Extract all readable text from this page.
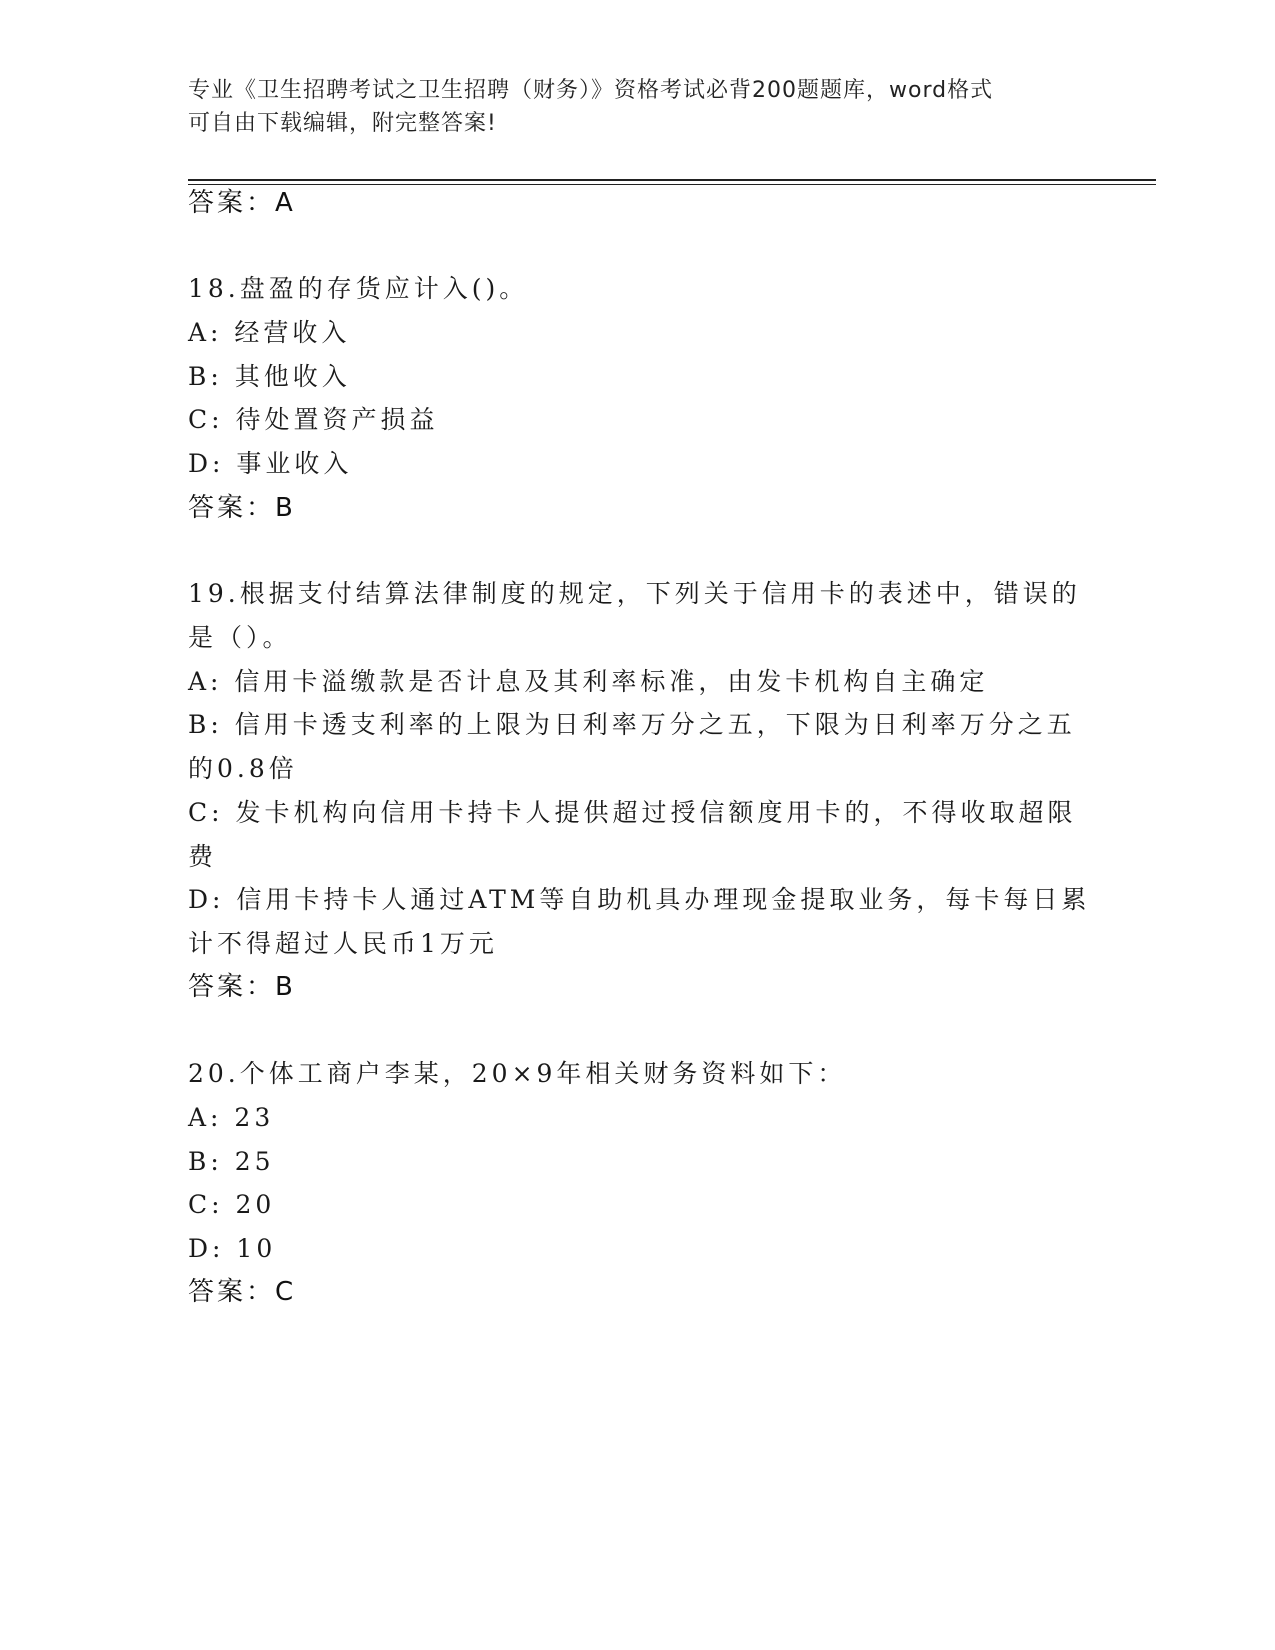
专业《卫生招聘考试之卫生招聘（财务）》资格考试必背200题题库，word格式
可自由下载编辑，附完整答案!
答案：A
18.盘盈的存货应计入()。
A: 经营收入
B: 其他收入
C: 待处置资产损益
D: 事业收入
答案：B
19.根据支付结算法律制度的规定，下列关于信用卡的表述中，错误的
是（）。
A: 信用卡溢缴款是否计息及其利率标准，由发卡机构自主确定
B: 信用卡透支利率的上限为日利率万分之五，下限为日利率万分之五
的0.8倍
C: 发卡机构向信用卡持卡人提供超过授信额度用卡的，不得收取超限
费
D: 信用卡持卡人通过ATM等自助机具办理现金提取业务，每卡每日累
计不得超过人民币1万元
答案：B
20.个体工商户李某，20×9年相关财务资料如下：
A: 23
B: 25
C: 20
D: 10
答案：C
